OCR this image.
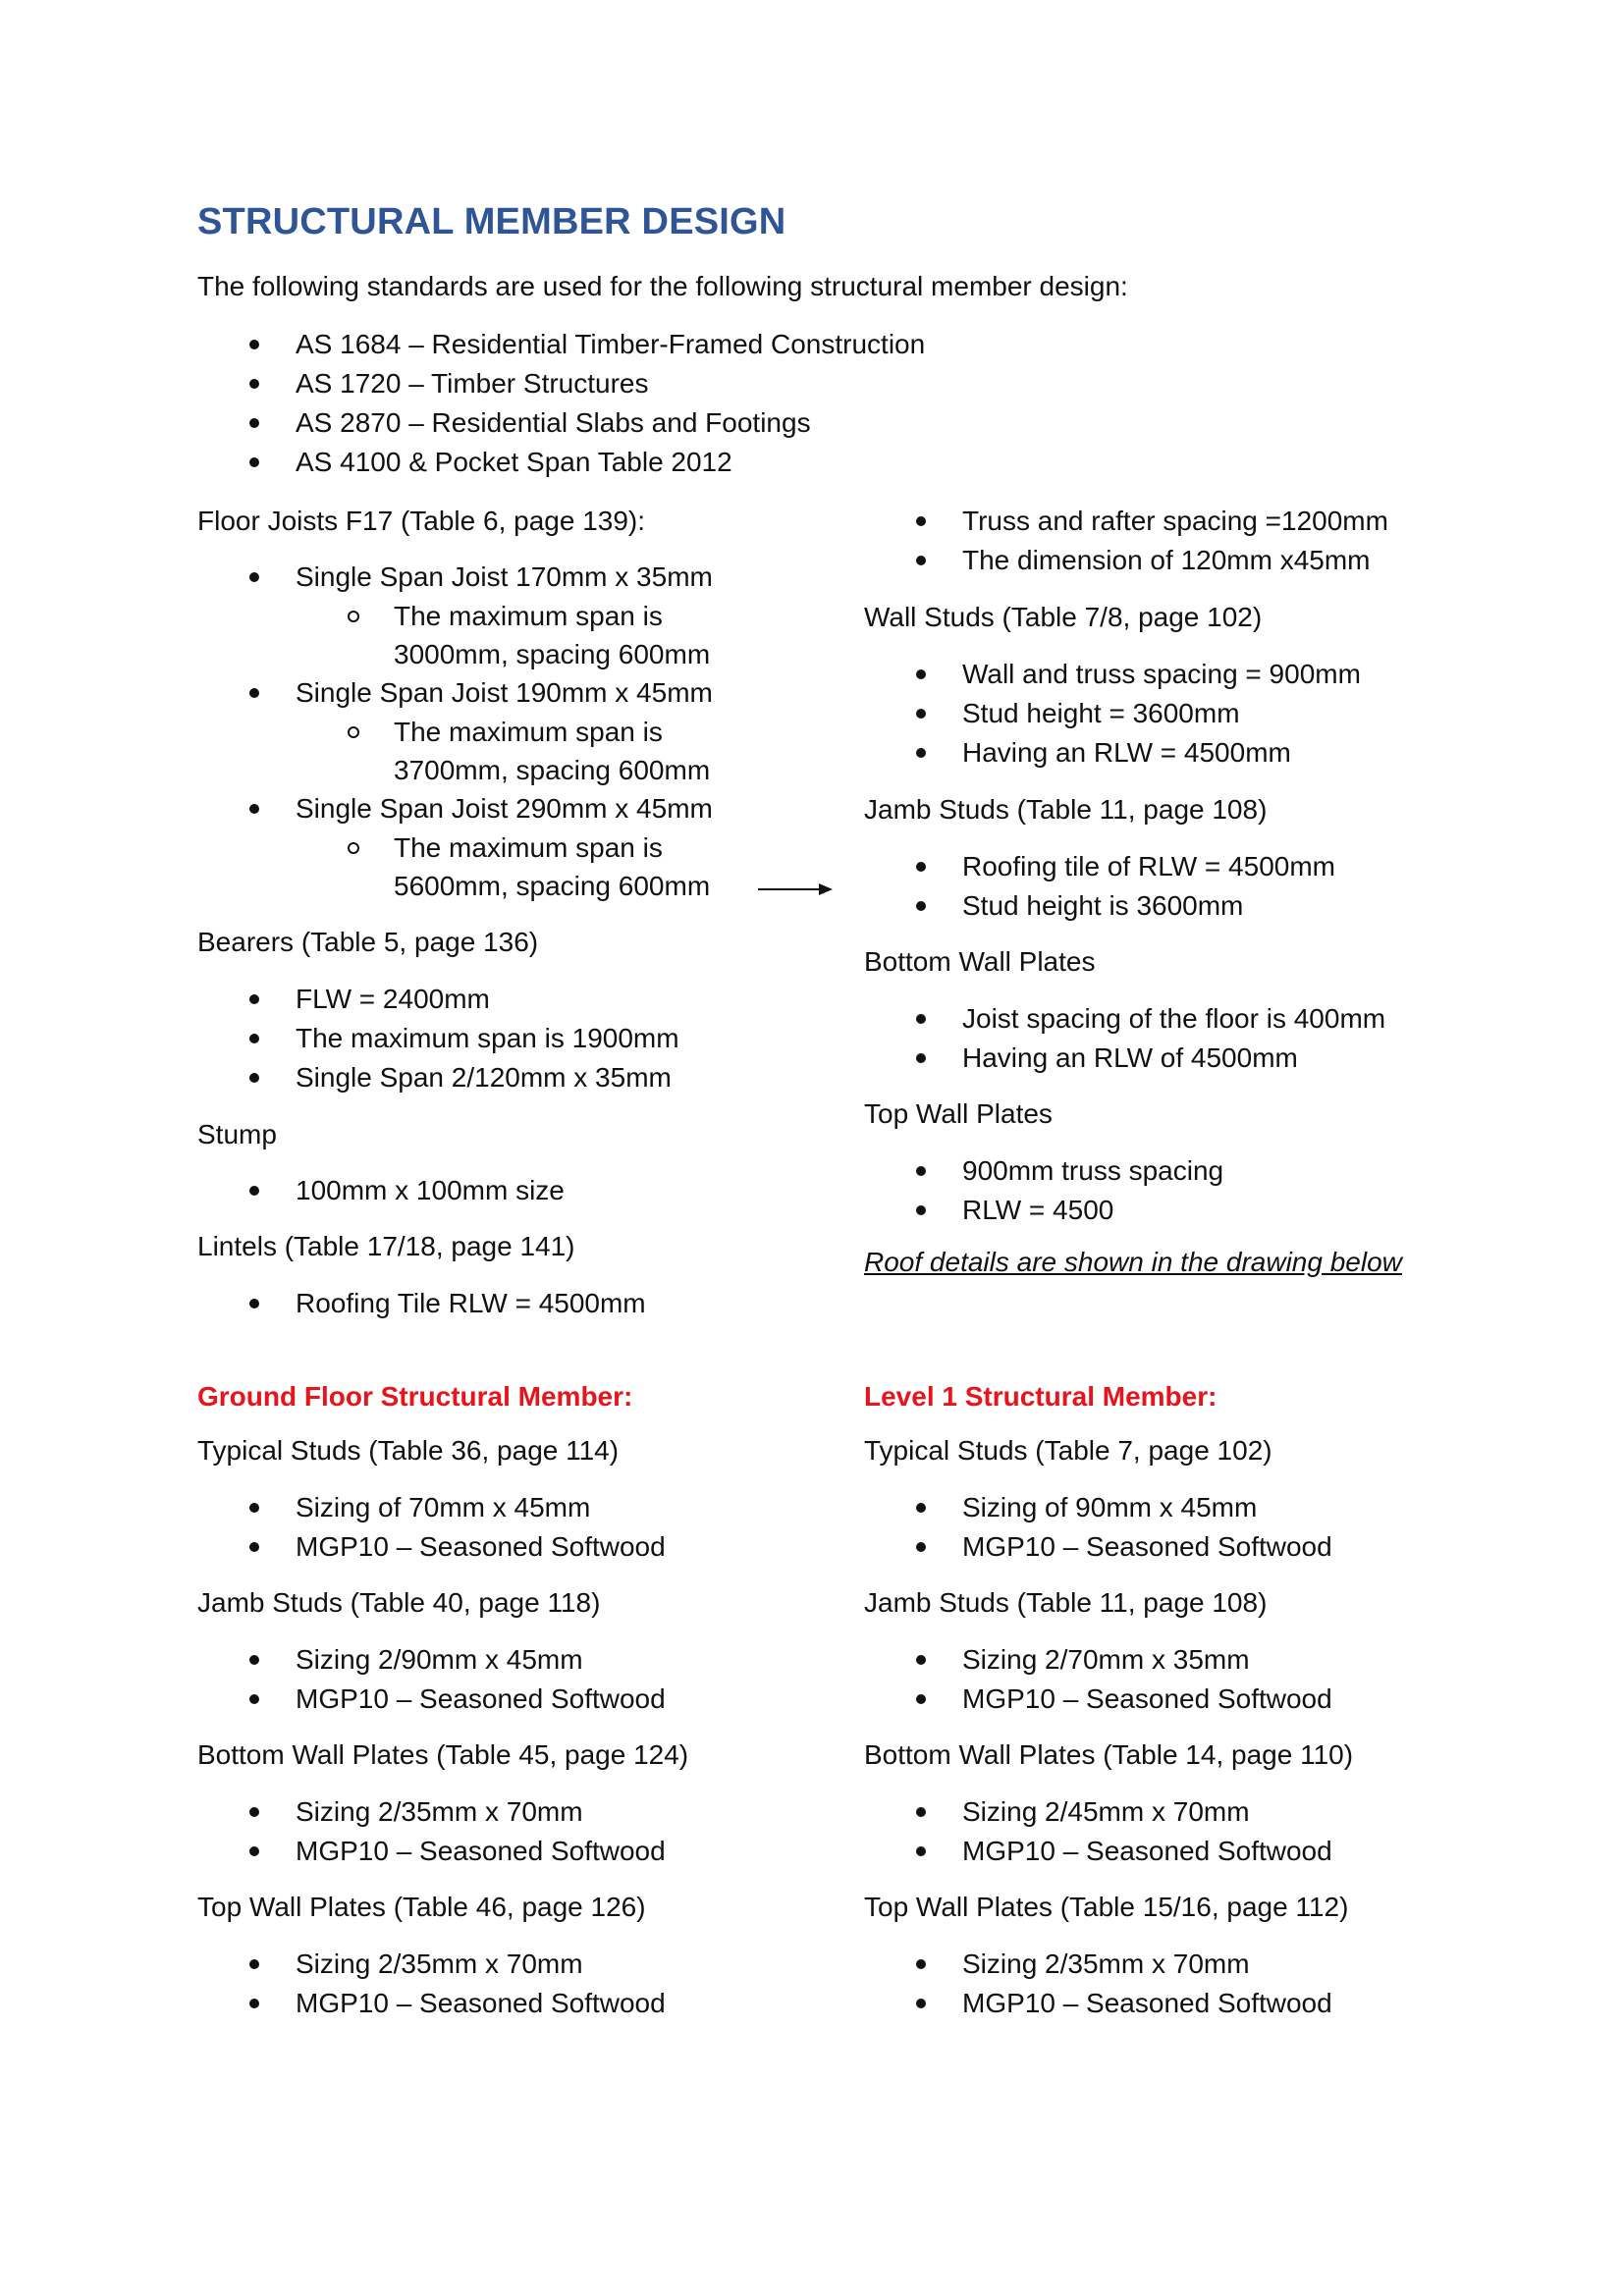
STRUCTURAL MEMBER DESIGN
The following standards are used for the following structural member design:
AS 1684 – Residential Timber-Framed Construction
AS 1720 – Timber Structures
AS 2870 – Residential Slabs and Footings
AS 4100 & Pocket Span Table 2012
Floor Joists F17 (Table 6, page 139):
Single Span Joist 170mm x 35mm
The maximum span is 3000mm, spacing 600mm
Single Span Joist 190mm x 45mm
The maximum span is 3700mm, spacing 600mm
Single Span Joist 290mm x 45mm
The maximum span is 5600mm, spacing 600mm
Bearers (Table 5, page 136)
FLW = 2400mm
The maximum span is 1900mm
Single Span 2/120mm x 35mm
Stump
100mm x 100mm size
Lintels (Table 17/18, page 141)
Roofing Tile RLW = 4500mm
Truss and rafter spacing =1200mm
The dimension of 120mm x45mm
Wall Studs (Table 7/8, page 102)
Wall and truss spacing = 900mm
Stud height = 3600mm
Having an RLW = 4500mm
Jamb Studs (Table 11, page 108)
Roofing tile of RLW = 4500mm
Stud height is 3600mm
Bottom Wall Plates
Joist spacing of the floor is 400mm
Having an RLW of 4500mm
Top Wall Plates
900mm truss spacing
RLW = 4500
Roof details are shown in the drawing below
Ground Floor Structural Member:
Typical Studs (Table 36, page 114)
Sizing of 70mm x 45mm
MGP10 – Seasoned Softwood
Jamb Studs (Table 40, page 118)
Sizing 2/90mm x 45mm
MGP10 – Seasoned Softwood
Bottom Wall Plates (Table 45, page 124)
Sizing 2/35mm x 70mm
MGP10 – Seasoned Softwood
Top Wall Plates (Table 46, page 126)
Sizing 2/35mm x 70mm
MGP10 – Seasoned Softwood
Level 1 Structural Member:
Typical Studs (Table 7, page 102)
Sizing of 90mm x 45mm
MGP10 – Seasoned Softwood
Jamb Studs (Table 11, page 108)
Sizing 2/70mm x 35mm
MGP10 – Seasoned Softwood
Bottom Wall Plates (Table 14, page 110)
Sizing 2/45mm x 70mm
MGP10 – Seasoned Softwood
Top Wall Plates (Table 15/16, page 112)
Sizing 2/35mm x 70mm
MGP10 – Seasoned Softwood
